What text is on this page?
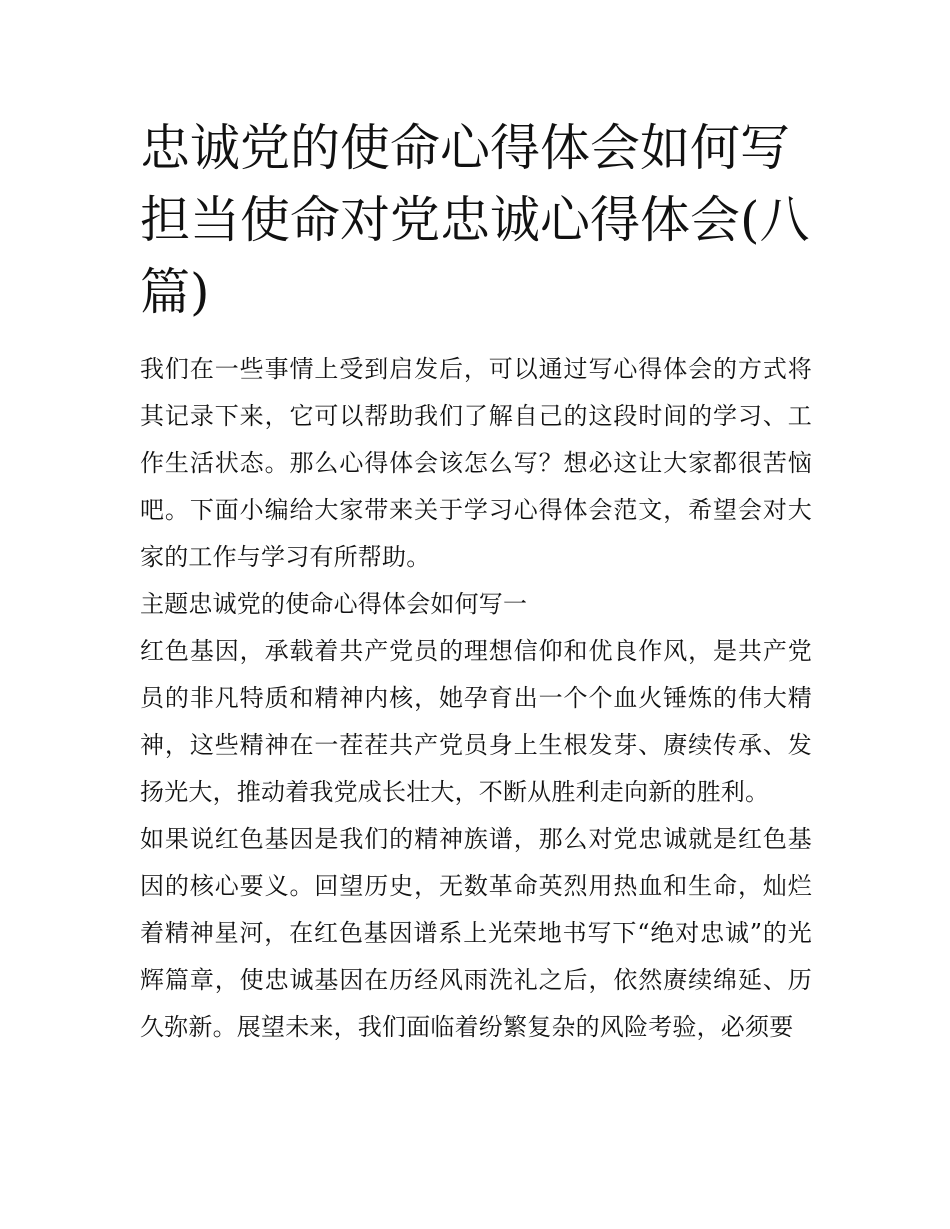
忠诚党的使命心得体会如何写担当使命对党忠诚心得体会(八篇)

我们在一些事情上受到启发后，可以通过写心得体会的方式将其记录下来，它可以帮助我们了解自己的这段时间的学习、工作生活状态。那么心得体会该怎么写？想必这让大家都很苦恼吧。下面小编给大家带来关于学习心得体会范文，希望会对大家的工作与学习有所帮助。

主题忠诚党的使命心得体会如何写一

红色基因，承载着共产党员的理想信仰和优良作风，是共产党员的非凡特质和精神内核，她孕育出一个个血火锤炼的伟大精神，这些精神在一茬茬共产党员身上生根发芽、赓续传承、发扬光大，推动着我党成长壮大，不断从胜利走向新的胜利。

如果说红色基因是我们的精神族谱，那么对党忠诚就是红色基因的核心要义。回望历史，无数革命英烈用热血和生命，灿烂着精神星河，在红色基因谱系上光荣地书写下“绝对忠诚”的光辉篇章，使忠诚基因在历经风雨洗礼之后，依然赓续绵延、历久弥新。展望未来，我们面临着纷繁复杂的风险考验，必须要
